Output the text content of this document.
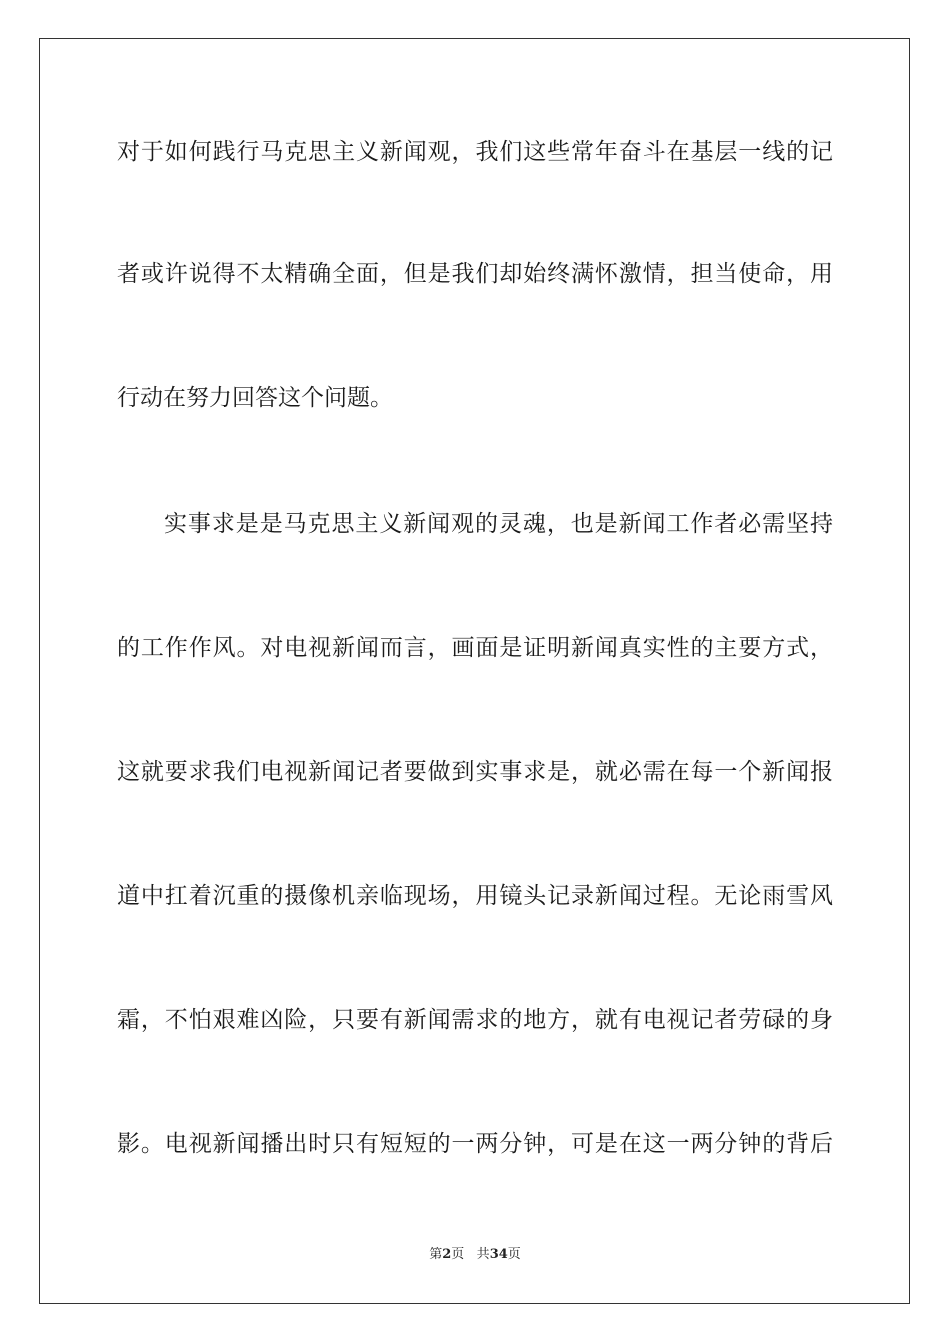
对于如何践行马克思主义新闻观，我们这些常年奋斗在基层一线的记
者或许说得不太精确全面，但是我们却始终满怀激情，担当使命，用
行动在努力回答这个问题。
实事求是是马克思主义新闻观的灵魂，也是新闻工作者必需坚持
的工作作风。对电视新闻而言，画面是证明新闻真实性的主要方式，
这就要求我们电视新闻记者要做到实事求是，就必需在每一个新闻报
道中扛着沉重的摄像机亲临现场，用镜头记录新闻过程。无论雨雪风
霜，不怕艰难凶险，只要有新闻需求的地方，就有电视记者劳碌的身
影。电视新闻播出时只有短短的一两分钟，可是在这一两分钟的背后
第2页 共34页
